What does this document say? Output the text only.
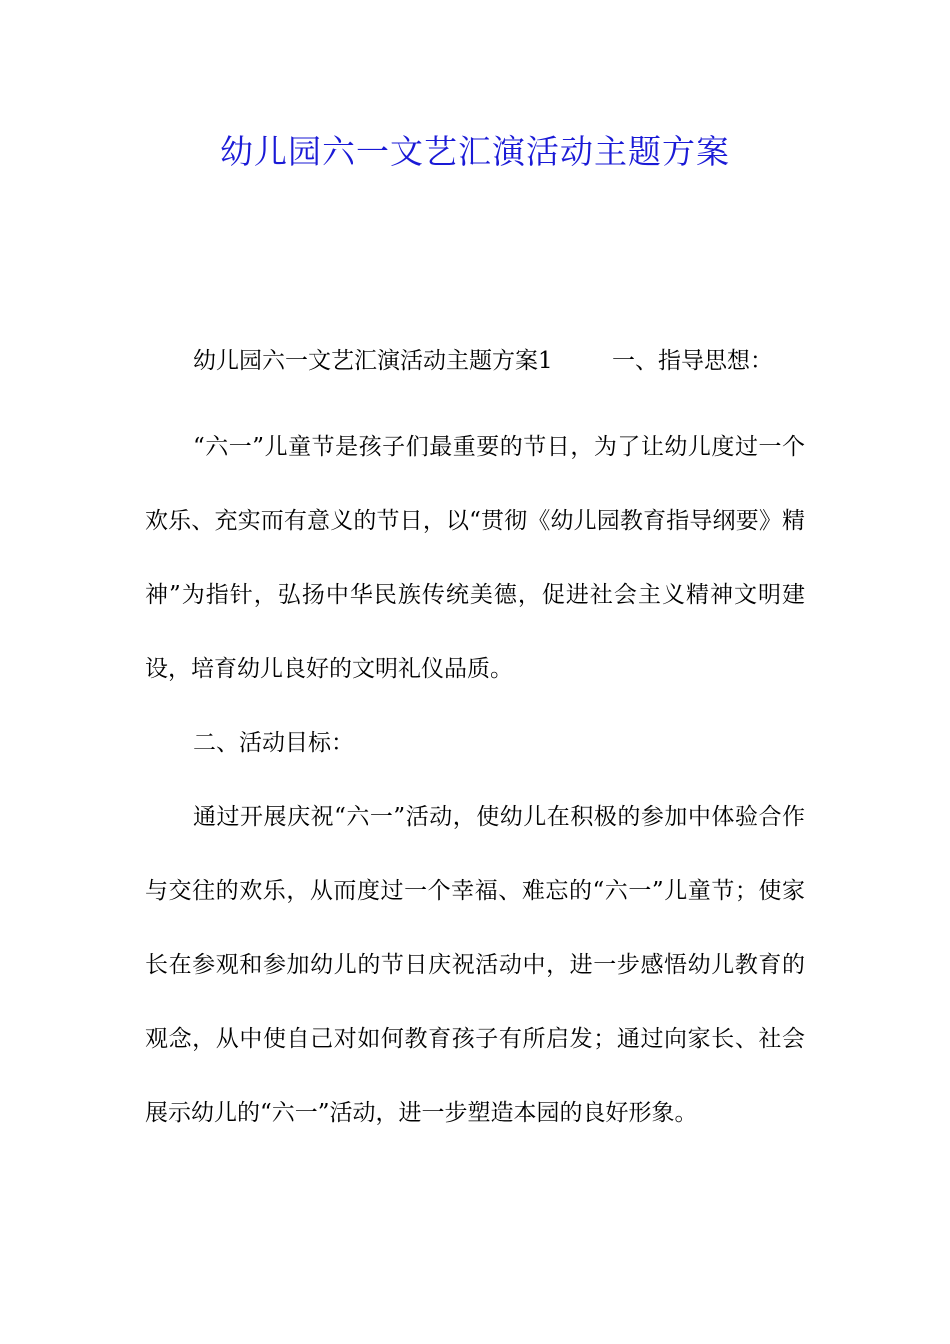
幼儿园六一文艺汇演活动主题方案
幼儿园六一文艺汇演活动主题方案1	一、指导思想：

“六一”儿童节是孩子们最重要的节日，为了让幼儿度过一个欢乐、充实而有意义的节日，以“贯彻《幼儿园教育指导纲要》精神”为指针，弘扬中华民族传统美德，促进社会主义精神文明建设，培育幼儿良好的文明礼仪品质。

二、活动目标：

通过开展庆祝“六一”活动，使幼儿在积极的参加中体验合作与交往的欢乐，从而度过一个幸福、难忘的“六一”儿童节；使家长在参观和参加幼儿的节日庆祝活动中，进一步感悟幼儿教育的观念，从中使自己对如何教育孩子有所启发；通过向家长、社会展示幼儿的“六一”活动，进一步塑造本园的良好形象。
